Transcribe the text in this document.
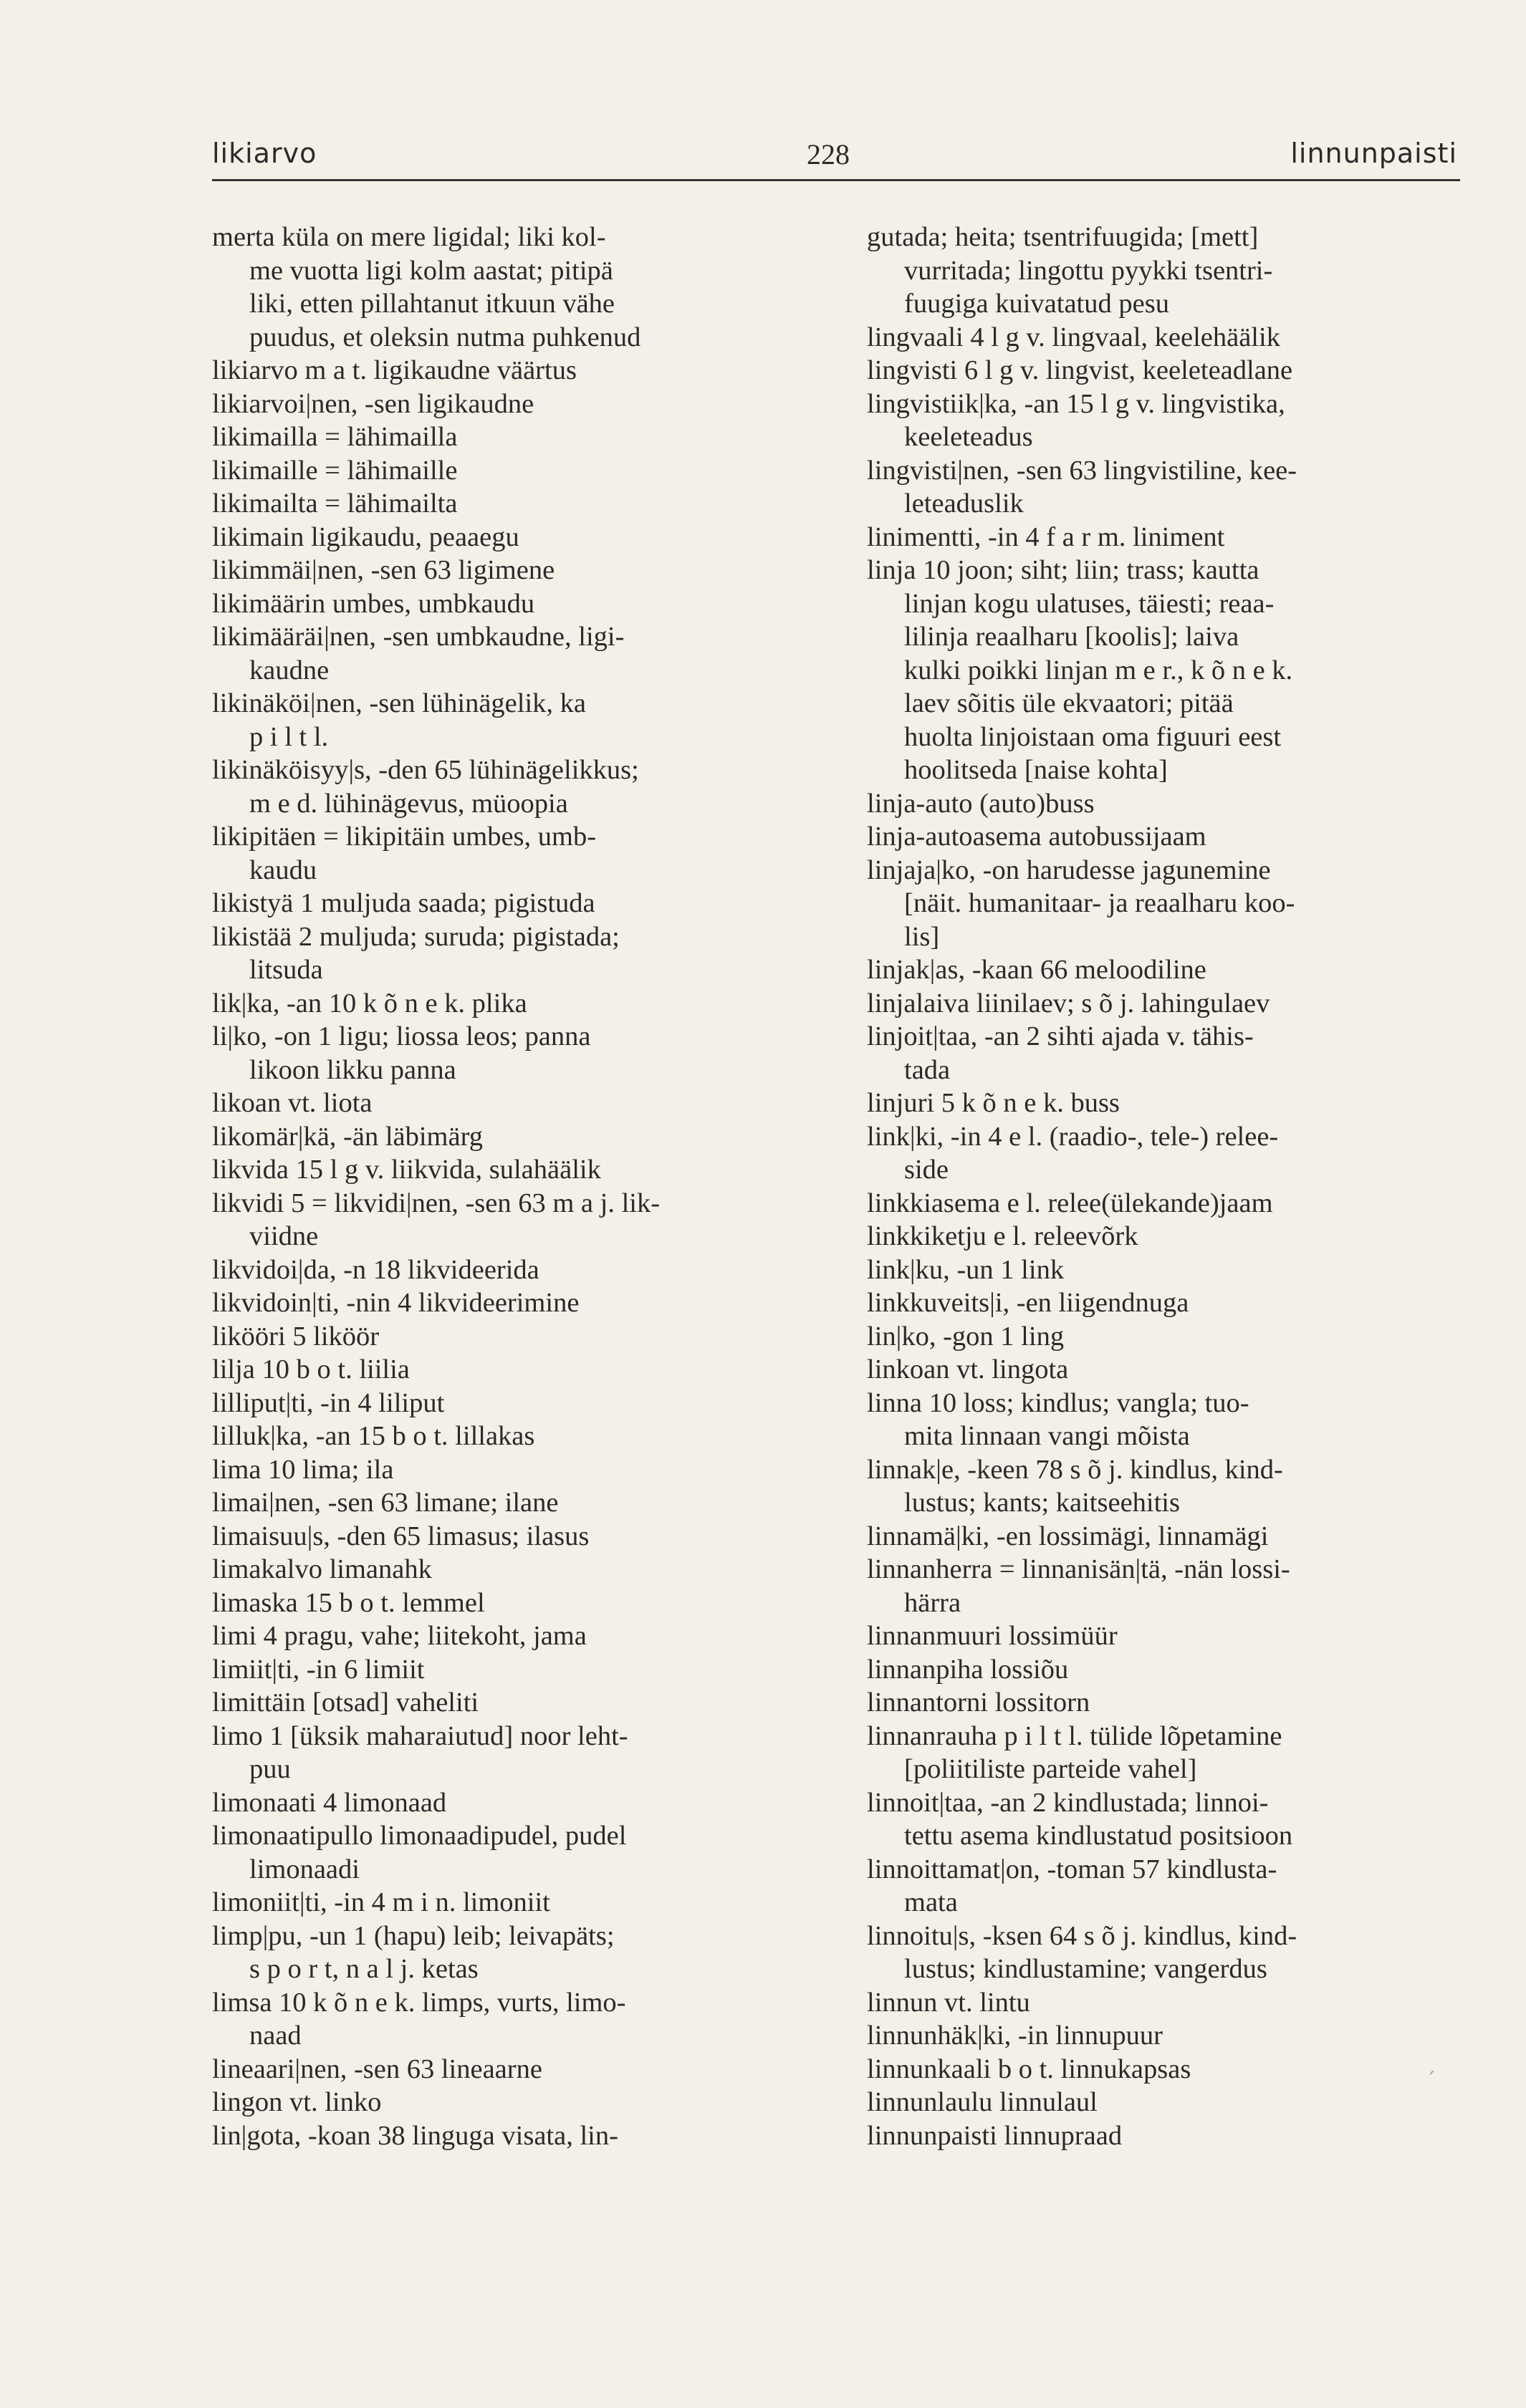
likiarvo	228	linnunpaisti
merta küla on mere ligidal; liki kol-
me vuotta ligi kolm aastat; pitipä
liki, etten pillahtanut itkuun vähe
puudus, et oleksin nutma puhkenud
likiarvo m a t. ligikaudne väärtus
likiarvoi|nen, -sen ligikaudne
likimailla = lähimailla
likimaille = lähimaille
likimailta = lähimailta
likimain ligikaudu, peaaegu
likimmäi|nen, -sen 63 ligimene
likimäärin umbes, umbkaudu
likimääräi|nen, -sen umbkaudne, ligi-
kaudne
likinäköi|nen, -sen lühinägelik, ka
p i l t l.
likinäköisyy|s, -den 65 lühinägelikkus;
m e d. lühinägevus, müoopia
likipitäen = likipitäin umbes, umb-
kaudu
likistyä 1 muljuda saada; pigistuda
likistää 2 muljuda; suruda; pigistada;
litsuda
lik|ka, -an 10 k õ n e k. plika
li|ko, -on 1 ligu; liossa leos; panna
likoon likku panna
likoan vt. liota
likomär|kä, -än läbimärg
likvida 15 l g v. liikvida, sulahäälik
likvidi 5 = likvidi|nen, -sen 63 m a j. lik-
viidne
likvidoi|da, -n 18 likvideerida
likvidoin|ti, -nin 4 likvideerimine
likööri 5 liköör
lilja 10 b o t. liilia
lilliput|ti, -in 4 liliput
lilluk|ka, -an 15 b o t. lillakas
lima 10 lima; ila
limai|nen, -sen 63 limane; ilane
limaisuu|s, -den 65 limasus; ilasus
limakalvo limanahk
limaska 15 b o t. lemmel
limi 4 pragu, vahe; liitekoht, jama
limiit|ti, -in 6 limiit
limittäin [otsad] vaheliti
limo 1 [üksik maharaiutud] noor leht-
puu
limonaati 4 limonaad
limonaatipullo limonaadipudel, pudel
limonaadi
limoniit|ti, -in 4 m i n. limoniit
limp|pu, -un 1 (hapu) leib; leivapäts;
s p o r t, n a l j. ketas
limsa 10 k õ n e k. limps, vurts, limo-
naad
lineaari|nen, -sen 63 lineaarne
lingon vt. linko
lin|gota, -koan 38 linguga visata, lin-
gutada; heita; tsentrifuugida; [mett]
vurritada; lingottu pyykki tsentri-
fuugiga kuivatatud pesu
lingvaali 4 l g v. lingvaal, keelehäälik
lingvisti 6 l g v. lingvist, keeleteadlane
lingvistiik|ka, -an 15 l g v. lingvistika,
keeleteadus
lingvisti|nen, -sen 63 lingvistiline, kee-
leteaduslik
linimentti, -in 4 f a r m. liniment
linja 10 joon; siht; liin; trass; kautta
linjan kogu ulatuses, täiesti; reaa-
lilinja reaalharu [koolis]; laiva
kulki poikki linjan m e r., k õ n e k.
laev sõitis üle ekvaatori; pitää
huolta linjoistaan oma figuuri eest
hoolitseda [naise kohta]
linja-auto (auto)buss
linja-autoasema autobussijaam
linjaja|ko, -on harudesse jagunemine
[näit. humanitaar- ja reaalharu koo-
lis]
linjak|as, -kaan 66 meloodiline
linjalaiva liinilaev; s õ j. lahingulaev
linjoit|taa, -an 2 sihti ajada v. tähis-
tada
linjuri 5 k õ n e k. buss
link|ki, -in 4 e l. (raadio-, tele-) relee-
side
linkkiasema e l. relee(ülekande)jaam
linkkiketju e l. releevõrk
link|ku, -un 1 link
linkkuveits|i, -en liigendnuga
lin|ko, -gon 1 ling
linkoan vt. lingota
linna 10 loss; kindlus; vangla; tuo-
mita linnaan vangi mõista
linnak|e, -keen 78 s õ j. kindlus, kind-
lustus; kants; kaitseehitis
linnamä|ki, -en lossimägi, linnamägi
linnanherra = linnanisän|tä, -nän lossi-
härra
linnanmuuri lossimüür
linnanpiha lossiõu
linnantorni lossitorn
linnanrauha p i l t l. tülide lõpetamine
[poliitiliste parteide vahel]
linnoit|taa, -an 2 kindlustada; linnoi-
tettu asema kindlustatud positsioon
linnoittamat|on, -toman 57 kindlusta-
mata
linnoitu|s, -ksen 64 s õ j. kindlus, kind-
lustus; kindlustamine; vangerdus
linnun vt. lintu
linnunhäk|ki, -in linnupuur
linnunkaali b o t. linnukapsas
linnunlaulu linnulaul
linnunpaisti linnupraad
´
